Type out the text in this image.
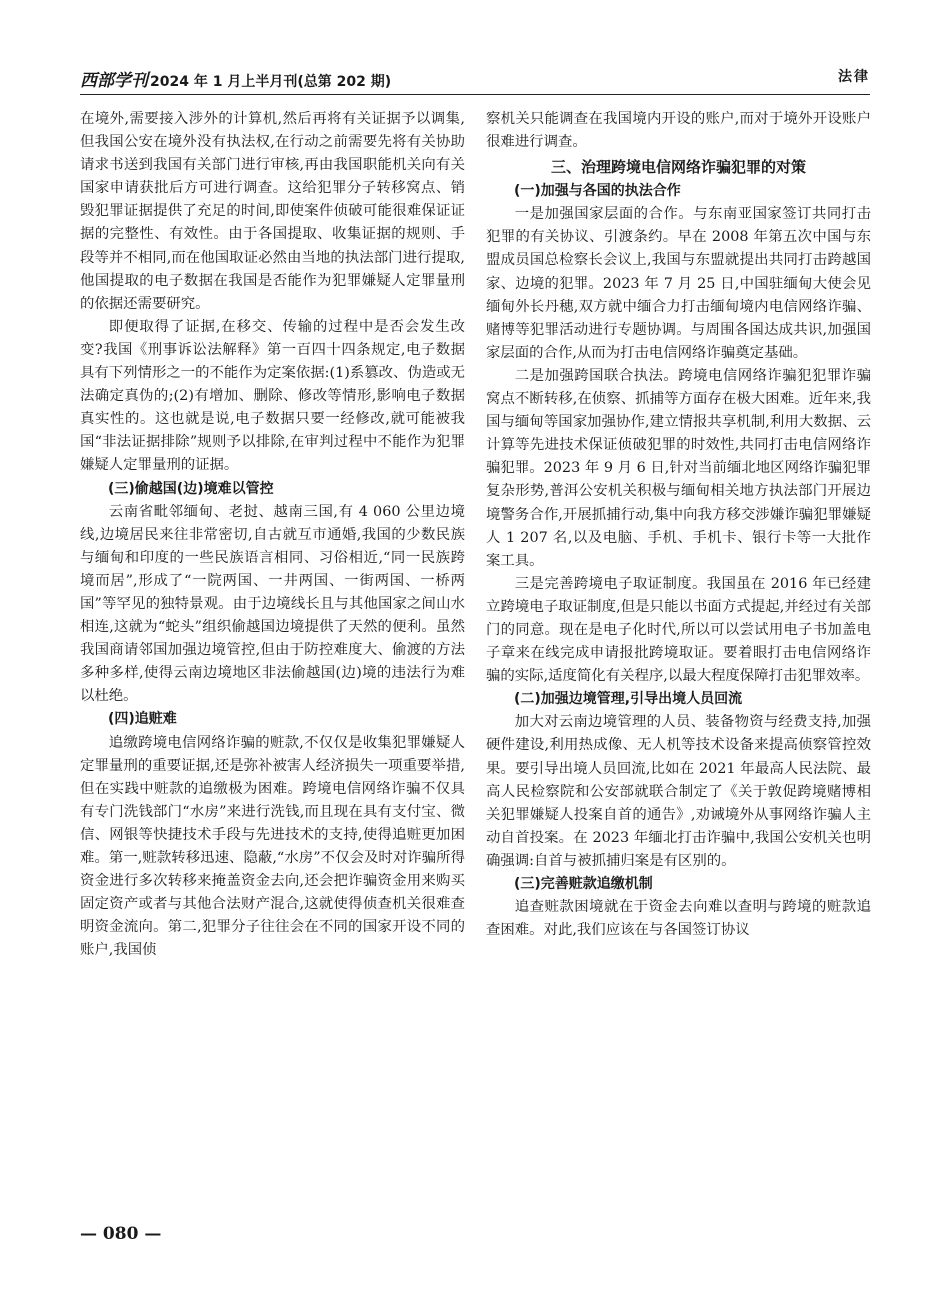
西部学刊 2024 年 1 月上半月刊(总第 202 期)	法律

在境外,需要接入涉外的计算机,然后再将有关证据予以调集,但我国公安在境外没有执法权,在行动之前需要先将有关协助请求书送到我国有关部门进行审核,再由我国职能机关向有关国家申请获批后方可进行调查。这给犯罪分子转移窝点、销毁犯罪证据提供了充足的时间,即使案件侦破可能很难保证证据的完整性、有效性。由于各国提取、收集证据的规则、手段等并不相同,而在他国取证必然由当地的执法部门进行提取,他国提取的电子数据在我国是否能作为犯罪嫌疑人定罪量刑的依据还需要研究。

即便取得了证据,在移交、传输的过程中是否会发生改变?我国《刑事诉讼法解释》第一百四十四条规定,电子数据具有下列情形之一的不能作为定案依据:(1)系篡改、伪造或无法确定真伪的;(2)有增加、删除、修改等情形,影响电子数据真实性的。这也就是说,电子数据只要一经修改,就可能被我国“非法证据排除”规则予以排除,在审判过程中不能作为犯罪嫌疑人定罪量刑的证据。

(三)偷越国(边)境难以管控

云南省毗邻缅甸、老挝、越南三国,有 4 060 公里边境线,边境居民来往非常密切,自古就互市通婚,我国的少数民族与缅甸和印度的一些民族语言相同、习俗相近,“同一民族跨境而居”,形成了“一院两国、一井两国、一街两国、一桥两国”等罕见的独特景观。由于边境线长且与其他国家之间山水相连,这就为“蛇头”组织偷越国边境提供了天然的便利。虽然我国商请邻国加强边境管控,但由于防控难度大、偷渡的方法多种多样,使得云南边境地区非法偷越国(边)境的违法行为难以杜绝。

(四)追赃难

追缴跨境电信网络诈骗的赃款,不仅仅是收集犯罪嫌疑人定罪量刑的重要证据,还是弥补被害人经济损失一项重要举措,但在实践中赃款的追缴极为困难。跨境电信网络诈骗不仅具有专门洗钱部门“水房”来进行洗钱,而且现在具有支付宝、微信、网银等快捷技术手段与先进技术的支持,使得追赃更加困难。第一,赃款转移迅速、隐蔽,“水房”不仅会及时对诈骗所得资金进行多次转移来掩盖资金去向,还会把诈骗资金用来购买固定资产或者与其他合法财产混合,这就使得侦查机关很难查明资金流向。第二,犯罪分子往往会在不同的国家开设不同的账户,我国侦

察机关只能调查在我国境内开设的账户,而对于境外开设账户很难进行调查。

三、治理跨境电信网络诈骗犯罪的对策
(一)加强与各国的执法合作

一是加强国家层面的合作。与东南亚国家签订共同打击犯罪的有关协议、引渡条约。早在 2008 年第五次中国与东盟成员国总检察长会议上,我国与东盟就提出共同打击跨越国家、边境的犯罪。2023 年 7 月 25 日,中国驻缅甸大使会见缅甸外长丹穗,双方就中缅合力打击缅甸境内电信网络诈骗、赌博等犯罪活动进行专题协调。与周围各国达成共识,加强国家层面的合作,从而为打击电信网络诈骗奠定基础。

二是加强跨国联合执法。跨境电信网络诈骗犯犯罪诈骗窝点不断转移,在侦察、抓捕等方面存在极大困难。近年来,我国与缅甸等国家加强协作,建立情报共享机制,利用大数据、云计算等先进技术保证侦破犯罪的时效性,共同打击电信网络诈骗犯罪。2023 年 9 月 6 日,针对当前缅北地区网络诈骗犯罪复杂形势,普洱公安机关积极与缅甸相关地方执法部门开展边境警务合作,开展抓捕行动,集中向我方移交涉嫌诈骗犯罪嫌疑人 1 207 名,以及电脑、手机、手机卡、银行卡等一大批作案工具。

三是完善跨境电子取证制度。我国虽在 2016 年已经建立跨境电子取证制度,但是只能以书面方式提起,并经过有关部门的同意。现在是电子化时代,所以可以尝试用电子书加盖电子章来在线完成申请报批跨境取证。要着眼打击电信网络诈骗的实际,适度简化有关程序,以最大程度保障打击犯罪效率。

(二)加强边境管理,引导出境人员回流

加大对云南边境管理的人员、装备物资与经费支持,加强硬件建设,利用热成像、无人机等技术设备来提高侦察管控效果。要引导出境人员回流,比如在 2021 年最高人民法院、最高人民检察院和公安部就联合制定了《关于敦促跨境赌博相关犯罪嫌疑人投案自首的通告》,劝诫境外从事网络诈骗人主动自首投案。在 2023 年缅北打击诈骗中,我国公安机关也明确强调:自首与被抓捕归案是有区别的。

(三)完善赃款追缴机制

追查赃款困境就在于资金去向难以查明与跨境的赃款追查困难。对此,我们应该在与各国签订协议

— 080 —
